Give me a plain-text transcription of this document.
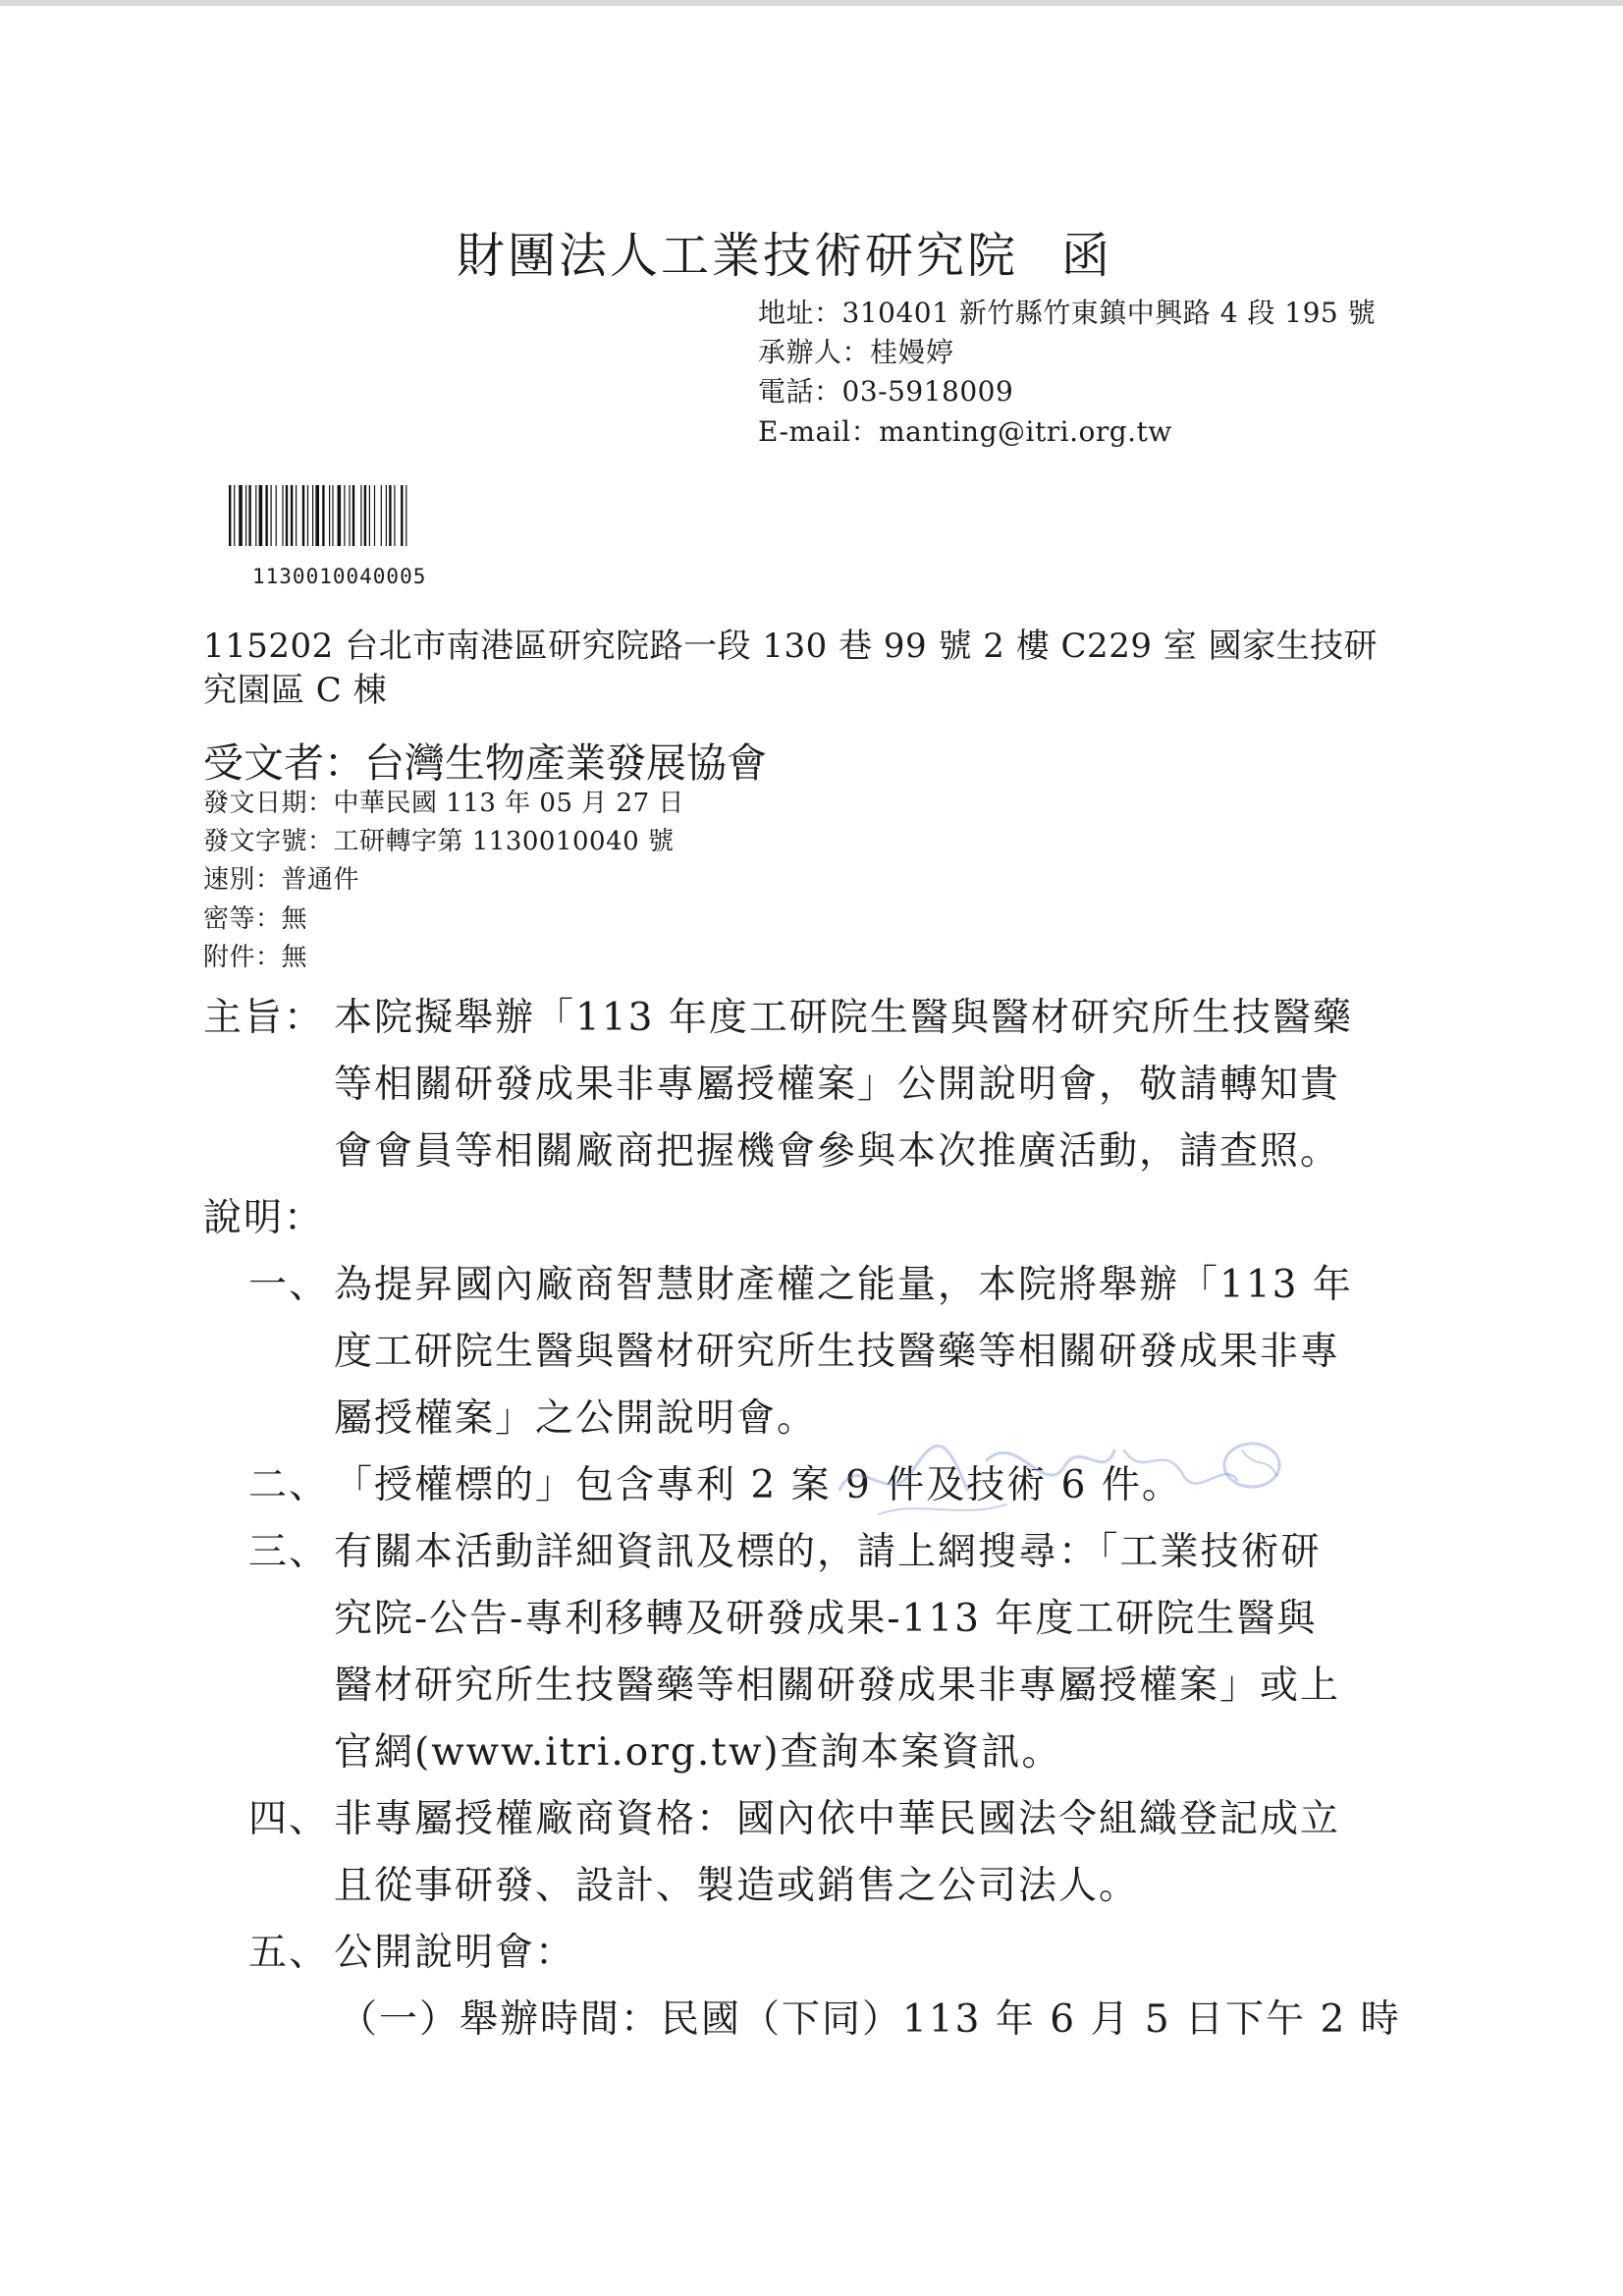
財團法人工業技術研究院 函
地址：310401 新竹縣竹東鎮中興路 4 段 195 號
承辦人：桂嫚婷
電話：03-5918009
E-mail：manting@itri.org.tw
1130010040005
115202 台北市南港區研究院路一段 130 巷 99 號 2 樓 C229 室 國家生技研
究園區 C 棟
受文者：台灣生物產業發展協會
發文日期：中華民國 113 年 05 月 27 日
發文字號：工研轉字第 1130010040 號
速別：普通件
密等：無
附件：無
主旨： 本院擬舉辦「113 年度工研院生醫與醫材研究所生技醫藥
等相關研發成果非專屬授權案」公開說明會，敬請轉知貴
會會員等相關廠商把握機會參與本次推廣活動，請查照。
說明：
一、 為提昇國內廠商智慧財產權之能量，本院將舉辦「113 年
度工研院生醫與醫材研究所生技醫藥等相關研發成果非專
屬授權案」之公開說明會。
二、 「授權標的」包含專利 2 案 9 件及技術 6 件。
三、 有關本活動詳細資訊及標的，請上網搜尋：「工業技術研
究院-公告-專利移轉及研發成果-113 年度工研院生醫與
醫材研究所生技醫藥等相關研發成果非專屬授權案」或上
官網(www.itri.org.tw)查詢本案資訊。
四、 非專屬授權廠商資格：國內依中華民國法令組織登記成立
且從事研發、設計、製造或銷售之公司法人。
五、 公開說明會：
（一）舉辦時間：民國（下同）113 年 6 月 5 日下午 2 時
